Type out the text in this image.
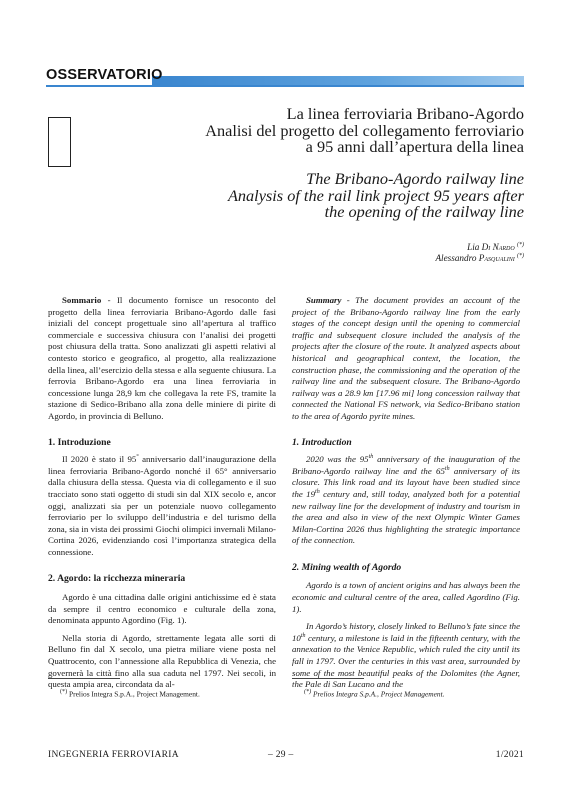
OSSERVATORIO
La linea ferroviaria Bribano-Agordo
Analisi del progetto del collegamento ferroviario
a 95 anni dall’apertura della linea
The Bribano-Agordo railway line
Analysis of the rail link project 95 years after
the opening of the railway line
Lia Di Nardo (*)
Alessandro Pasqualini (*)

Sommario - Il documento fornisce un resoconto del progetto della linea ferroviaria Bribano-Agordo dalle fasi iniziali del concept progettuale sino all’apertura al traffico commerciale e successiva chiusura con l’analisi dei progetti post chiusura della tratta. Sono analizzati gli aspetti relativi al contesto storico e geografico, al progetto, alla realizzazione della linea, all’esercizio della stessa e alla seguente chiusura. La ferrovia Bribano-Agordo era una linea ferroviaria in concessione lunga 28,9 km che collegava la rete FS, tramite la stazione di Sedico-Bribano alla zona delle miniere di pirite di Agordo, in provincia di Belluno.

1. Introduzione

Il 2020 è stato il 95° anniversario dall’inaugurazione della linea ferroviaria Bribano-Agordo nonché il 65° anniversario dalla chiusura della stessa. Questa via di collegamento e il suo tracciato sono stati oggetto di studi sin dal XIX secolo e, ancor oggi, analizzati sia per un potenziale nuovo collegamento ferroviario per lo sviluppo dell’industria e del turismo della zona, sia in vista dei prossimi Giochi olimpici invernali Milano-Cortina 2026, evidenziando così l’importanza strategica della connessione.

2. Agordo: la ricchezza mineraria

Agordo è una cittadina dalle origini antichissime ed è stata da sempre il centro economico e culturale della zona, denominata appunto Agordino (Fig. 1).

Nella storia di Agordo, strettamente legata alle sorti di Belluno fin dal X secolo, una pietra miliare viene posta nel Quattrocento, con l’annessione alla Repubblica di Venezia, che governerà la città fino alla sua caduta nel 1797. Nei secoli, in questa ampia area, circondata da al-

Summary - The document provides an account of the project of the Bribano-Agordo railway line from the early stages of the concept design until the opening to commercial traffic and subsequent closure included the analysis of the projects after the closure of the route. It analyzed aspects about historical and geographical context, the location, the construction phase, the commissioning and the operation of the railway line and the subsequent closure. The Bribano-Agordo railway was a 28.9 km [17.96 mi] long concession railway that connected the National FS network, via Sedico-Bribano station to the area of Agordo pyrite mines.

1. Introduction

2020 was the 95th anniversary of the inauguration of the Bribano-Agordo railway line and the 65th anniversary of its closure. This link road and its layout have been studied since the 19th century and, still today, analyzed both for a potential new railway line for the development of industry and tourism in the area and also in view of the next Olympic Winter Games Milan-Cortina 2026 thus highlighting the strategic importance of the connection.

2. Mining wealth of Agordo

Agordo is a town of ancient origins and has always been the economic and cultural centre of the area, called Agordino (Fig. 1).

In Agordo’s history, closely linked to Belluno’s fate since the 10th century, a milestone is laid in the fifteenth century, with the annexation to the Venice Republic, which ruled the city until its fall in 1797. Over the centuries in this vast area, surrounded by some of the most beautiful peaks of the Dolomites (the Agner, the Pale di San Lucano and the

(*) Prelios Integra S.p.A., Project Management.	(*) Prelios Integra S.p.A., Project Management.
INGEGNERIA FERROVIARIA	– 29 –	1/2021
